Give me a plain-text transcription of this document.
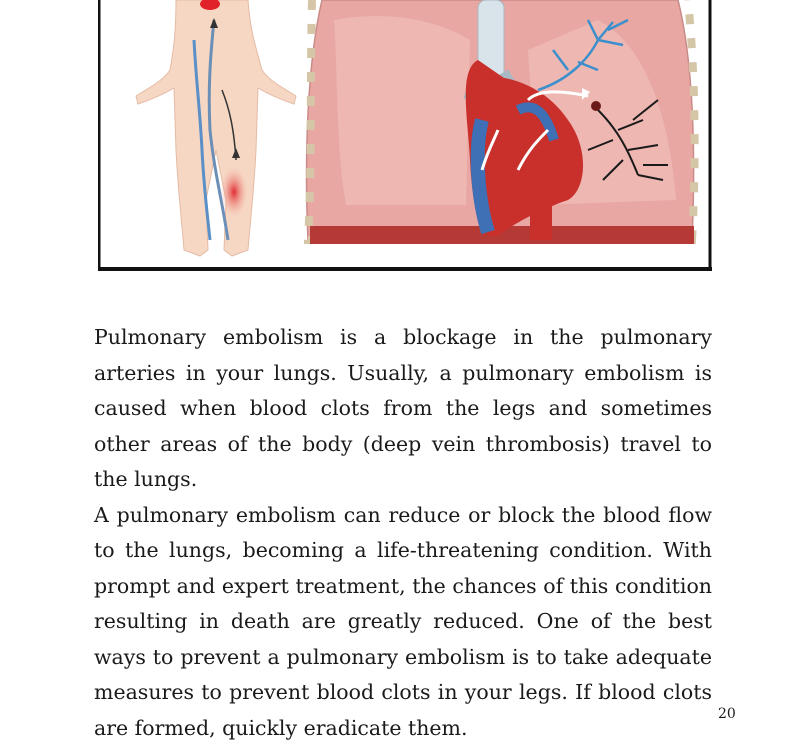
Pulmonary embolism is a blockage in the pulmonary arteries in your lungs. Usually, a pulmonary embolism is caused when blood clots from the legs and sometimes other areas of the body (deep vein thrombosis) travel to the lungs.

A pulmonary embolism can reduce or block the blood flow to the lungs, becoming a life-threatening condition. With prompt and expert treatment, the chances of this condition resulting in death are greatly reduced. One of the best ways to prevent a pulmonary embolism is to take adequate measures to prevent blood clots in your legs. If blood clots are formed, quickly eradicate them.

20
